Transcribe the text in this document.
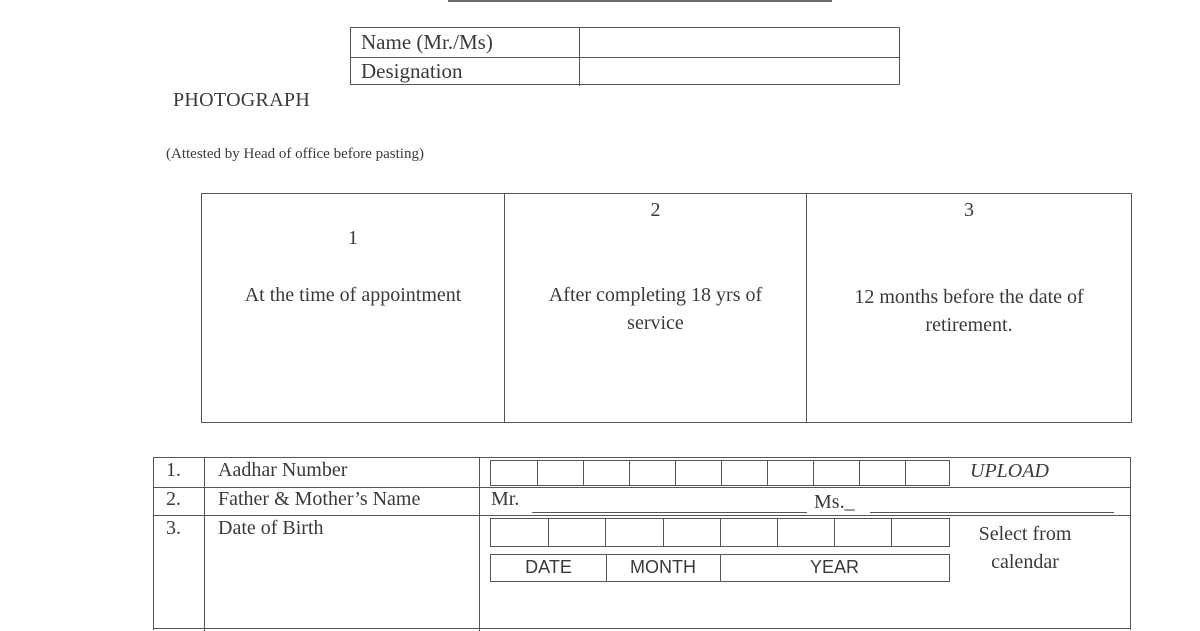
Name (Mr./Ms)
Designation
PHOTOGRAPH
(Attested by Head of office before pasting)
1
At the time of appointment
2
After completing 18 yrs of
service
3
12 months before the date of
retirement.
1. Aadhar Number	UPLOAD
2. Father & Mother’s Name	Mr.	Ms._
3. Date of Birth
DATE	MONTH	YEAR
Select from
calendar
